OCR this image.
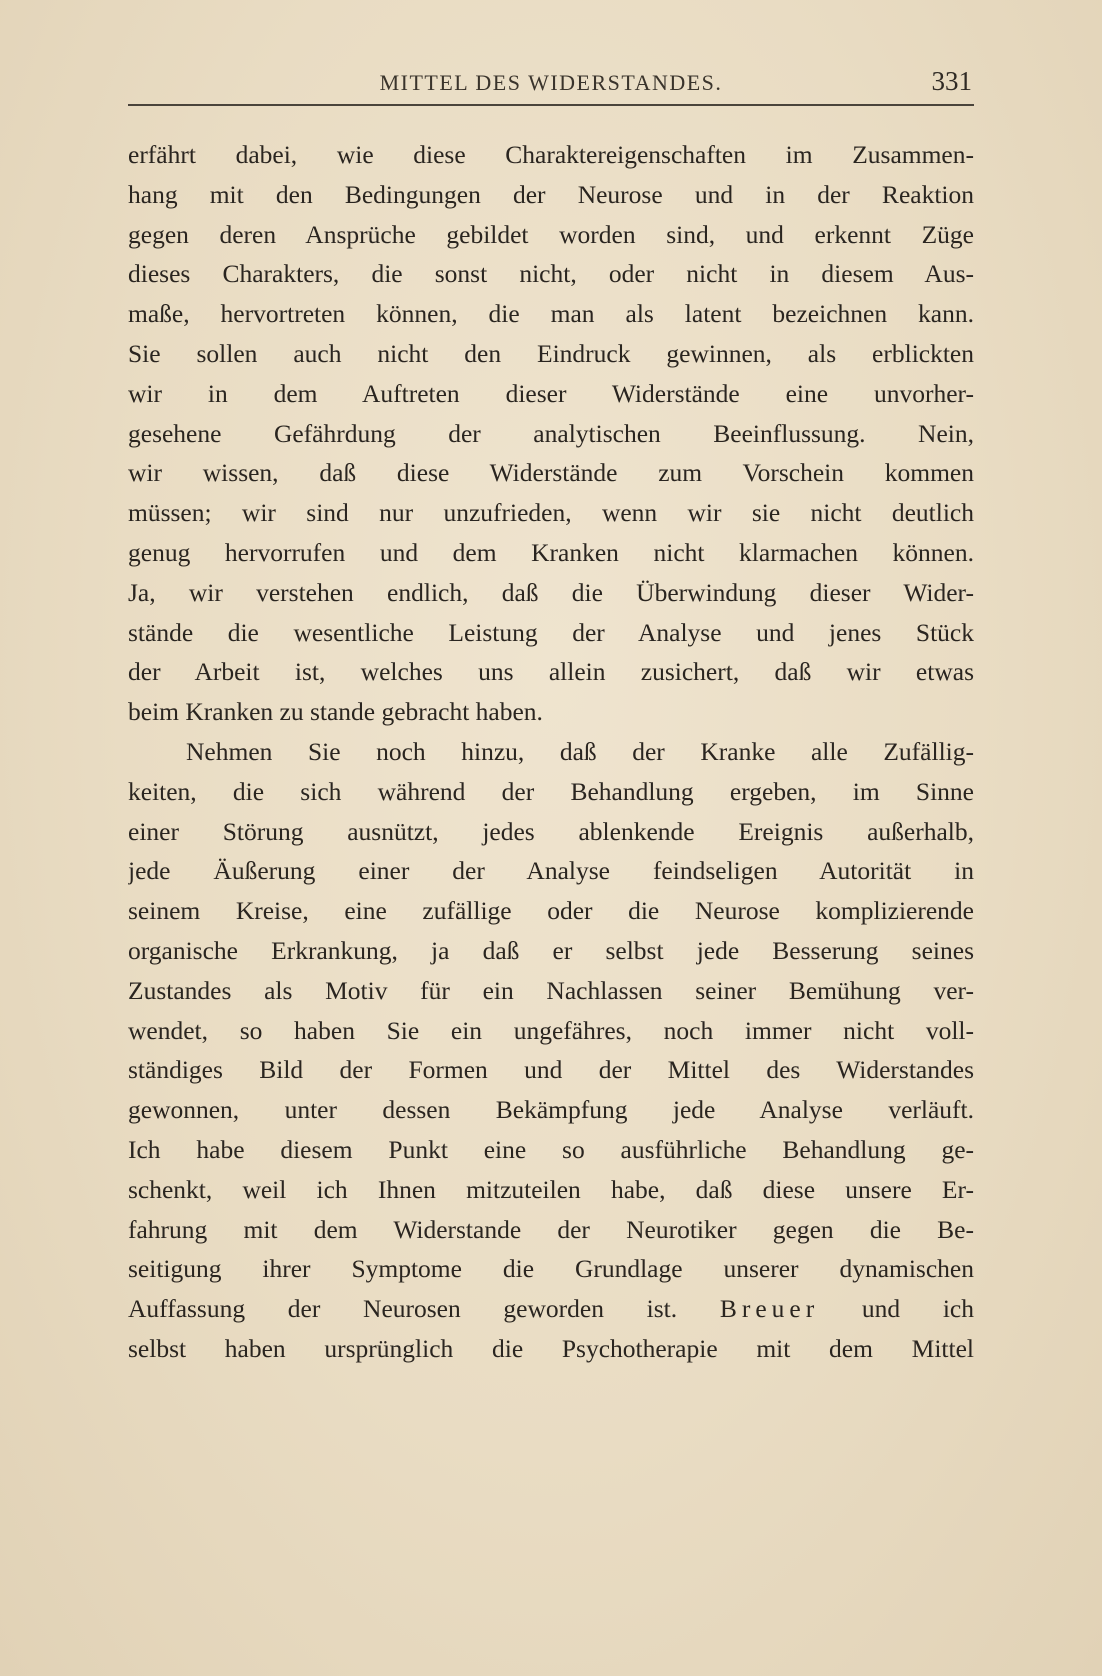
MITTEL DES WIDERSTANDES.	331
erfährt dabei, wie diese Charaktereigenschaften im Zusammen-
hang mit den Bedingungen der Neurose und in der Reaktion
gegen deren Ansprüche gebildet worden sind, und erkennt Züge
dieses Charakters, die sonst nicht, oder nicht in diesem Aus-
maße, hervortreten können, die man als latent bezeichnen kann.
Sie sollen auch nicht den Eindruck gewinnen, als erblickten
wir in dem Auftreten dieser Widerstände eine unvorher-
gesehene Gefährdung der analytischen Beeinflussung. Nein,
wir wissen, daß diese Widerstände zum Vorschein kommen
müssen; wir sind nur unzufrieden, wenn wir sie nicht deutlich
genug hervorrufen und dem Kranken nicht klarmachen können.
Ja, wir verstehen endlich, daß die Überwindung dieser Wider-
stände die wesentliche Leistung der Analyse und jenes Stück
der Arbeit ist, welches uns allein zusichert, daß wir etwas
beim Kranken zu stande gebracht haben.
Nehmen Sie noch hinzu, daß der Kranke alle Zufällig-
keiten, die sich während der Behandlung ergeben, im Sinne
einer Störung ausnützt, jedes ablenkende Ereignis außerhalb,
jede Äußerung einer der Analyse feindseligen Autorität in
seinem Kreise, eine zufällige oder die Neurose komplizierende
organische Erkrankung, ja daß er selbst jede Besserung seines
Zustandes als Motiv für ein Nachlassen seiner Bemühung ver-
wendet, so haben Sie ein ungefähres, noch immer nicht voll-
ständiges Bild der Formen und der Mittel des Widerstandes
gewonnen, unter dessen Bekämpfung jede Analyse verläuft.
Ich habe diesem Punkt eine so ausführliche Behandlung ge-
schenkt, weil ich Ihnen mitzuteilen habe, daß diese unsere Er-
fahrung mit dem Widerstande der Neurotiker gegen die Be-
seitigung ihrer Symptome die Grundlage unserer dynamischen
Auffassung der Neurosen geworden ist. Breuer und ich
selbst haben ursprünglich die Psychotherapie mit dem Mittel
